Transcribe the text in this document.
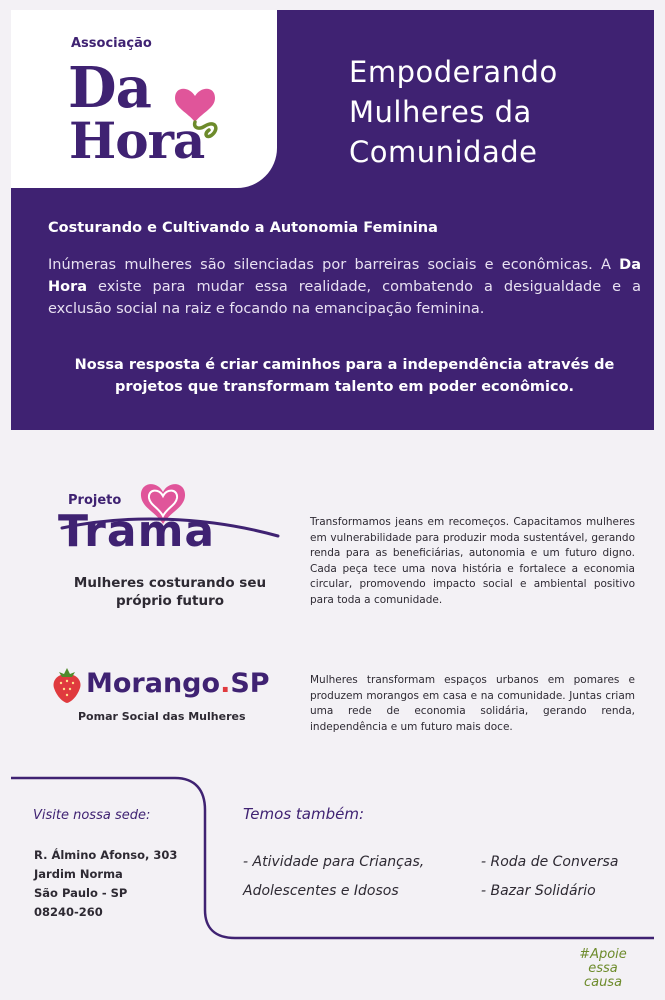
Associação
Da
Hora
Empoderando
Mulheres da
Comunidade
Costurando e Cultivando a Autonomia Feminina

Inúmeras mulheres são silenciadas por barreiras sociais e econômicas. A Da Hora existe para mudar essa realidade, combatendo a desigualdade e a exclusão social na raiz e focando na emancipação feminina.

Nossa resposta é criar caminhos para a independência através de projetos que transformam talento em poder econômico.

Projeto
Trama
Mulheres costurando seu próprio futuro

Transformamos jeans em recomeços. Capacitamos mulheres em vulnerabilidade para produzir moda sustentável, gerando renda para as beneficiárias, autonomia e um futuro digno. Cada peça tece uma nova história e fortalece a economia circular, promovendo impacto social e ambiental positivo para toda a comunidade.

Morango.SP
Pomar Social das Mulheres

Mulheres transformam espaços urbanos em pomares e produzem morangos em casa e na comunidade. Juntas criam uma rede de economia solidária, gerando renda, independência e um futuro mais doce.

Visite nossa sede:
R. Álmino Afonso, 303
Jardim Norma
São Paulo - SP
08240-260
Temos também:
- Atividade para Crianças,
Adolescentes e Idosos
- Roda de Conversa
- Bazar Solidário
#Apoie
essa
causa
